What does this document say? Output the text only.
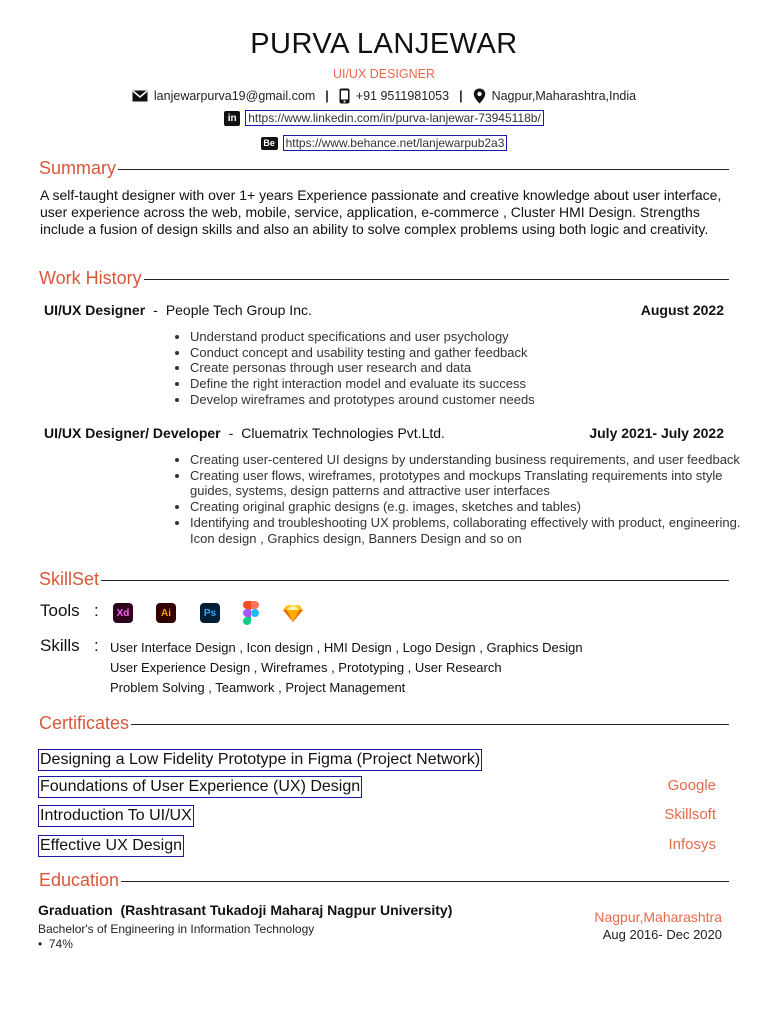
PURVA LANJEWAR
UI/UX DESIGNER
lanjewarpurva19@gmail.com | +91 9511981053 | Nagpur,Maharashtra,India
in https://www.linkedin.com/in/purva-lanjewar-73945118b/
Be https://www.behance.net/lanjewarpub2a3
Summary
A self-taught designer with over 1+ years Experience passionate and creative knowledge about user interface, user experience across the web, mobile, service, application, e-commerce , Cluster HMI Design. Strengths include a fusion of design skills and also an ability to solve complex problems using both logic and creativity.
Work History
UI/UX Designer - People Tech Group Inc.	August 2022
• Understand product specifications and user psychology
• Conduct concept and usability testing and gather feedback
• Create personas through user research and data
• Define the right interaction model and evaluate its success
• Develop wireframes and prototypes around customer needs
UI/UX Designer/ Developer - Cluematrix Technologies Pvt.Ltd.	July 2021- July 2022
• Creating user-centered UI designs by understanding business requirements, and user feedback
• Creating user flows, wireframes, prototypes and mockups Translating requirements into style guides, systems, design patterns and attractive user interfaces
• Creating original graphic designs (e.g. images, sketches and tables)
• Identifying and troubleshooting UX problems, collaborating effectively with product, engineering. Icon design , Graphics design, Banners Design and so on
SkillSet
Tools :	Xd	Ai	Ps
Skills : User Interface Design , Icon design , HMI Design , Logo Design , Graphics Design
User Experience Design , Wireframes , Prototyping , User Research
Problem Solving , Teamwork , Project Management
Certificates
Designing a Low Fidelity Prototype in Figma (Project Network)
Foundations of User Experience (UX) Design	Google
Introduction To UI/UX	Skillsoft
Effective UX Design	Infosys
Education
Graduation (Rashtrasant Tukadoji Maharaj Nagpur University)
Bachelor's of Engineering in Information Technology
•  74%
Nagpur,Maharashtra
Aug 2016- Dec 2020
